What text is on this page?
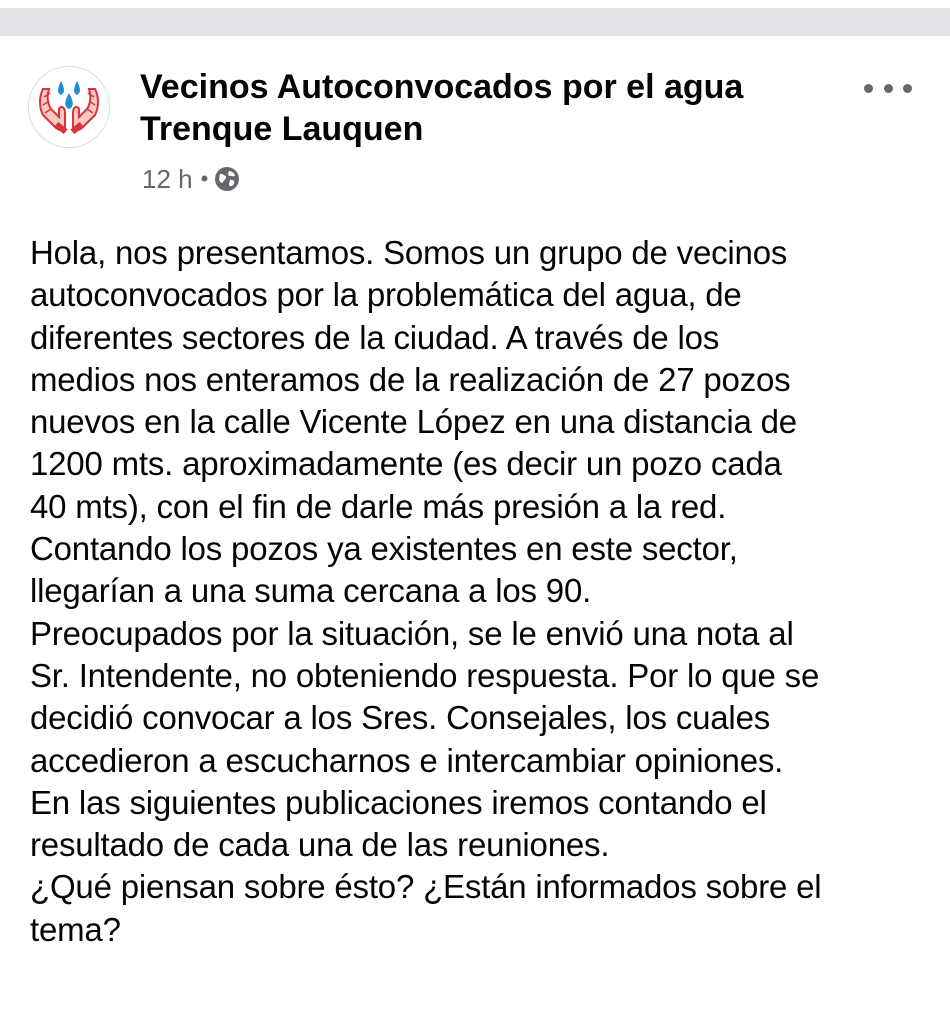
Vecinos Autoconvocados por el agua Trenque Lauquen
12 h •

Hola, nos presentamos. Somos un grupo de vecinos
autoconvocados por la problemática del agua, de
diferentes sectores de la ciudad. A través de los
medios nos enteramos de la realización de 27 pozos
nuevos en la calle Vicente López en una distancia de
1200 mts. aproximadamente (es decir un pozo cada
40 mts), con el fin de darle más presión a la red.
Contando los pozos ya existentes en este sector,
llegarían a una suma cercana a los 90.
Preocupados por la situación, se le envió una nota al
Sr. Intendente, no obteniendo respuesta. Por lo que se
decidió convocar a los Sres. Consejales, los cuales
accedieron a escucharnos e intercambiar opiniones.
En las siguientes publicaciones iremos contando el
resultado de cada una de las reuniones.
¿Qué piensan sobre ésto? ¿Están informados sobre el
tema?
